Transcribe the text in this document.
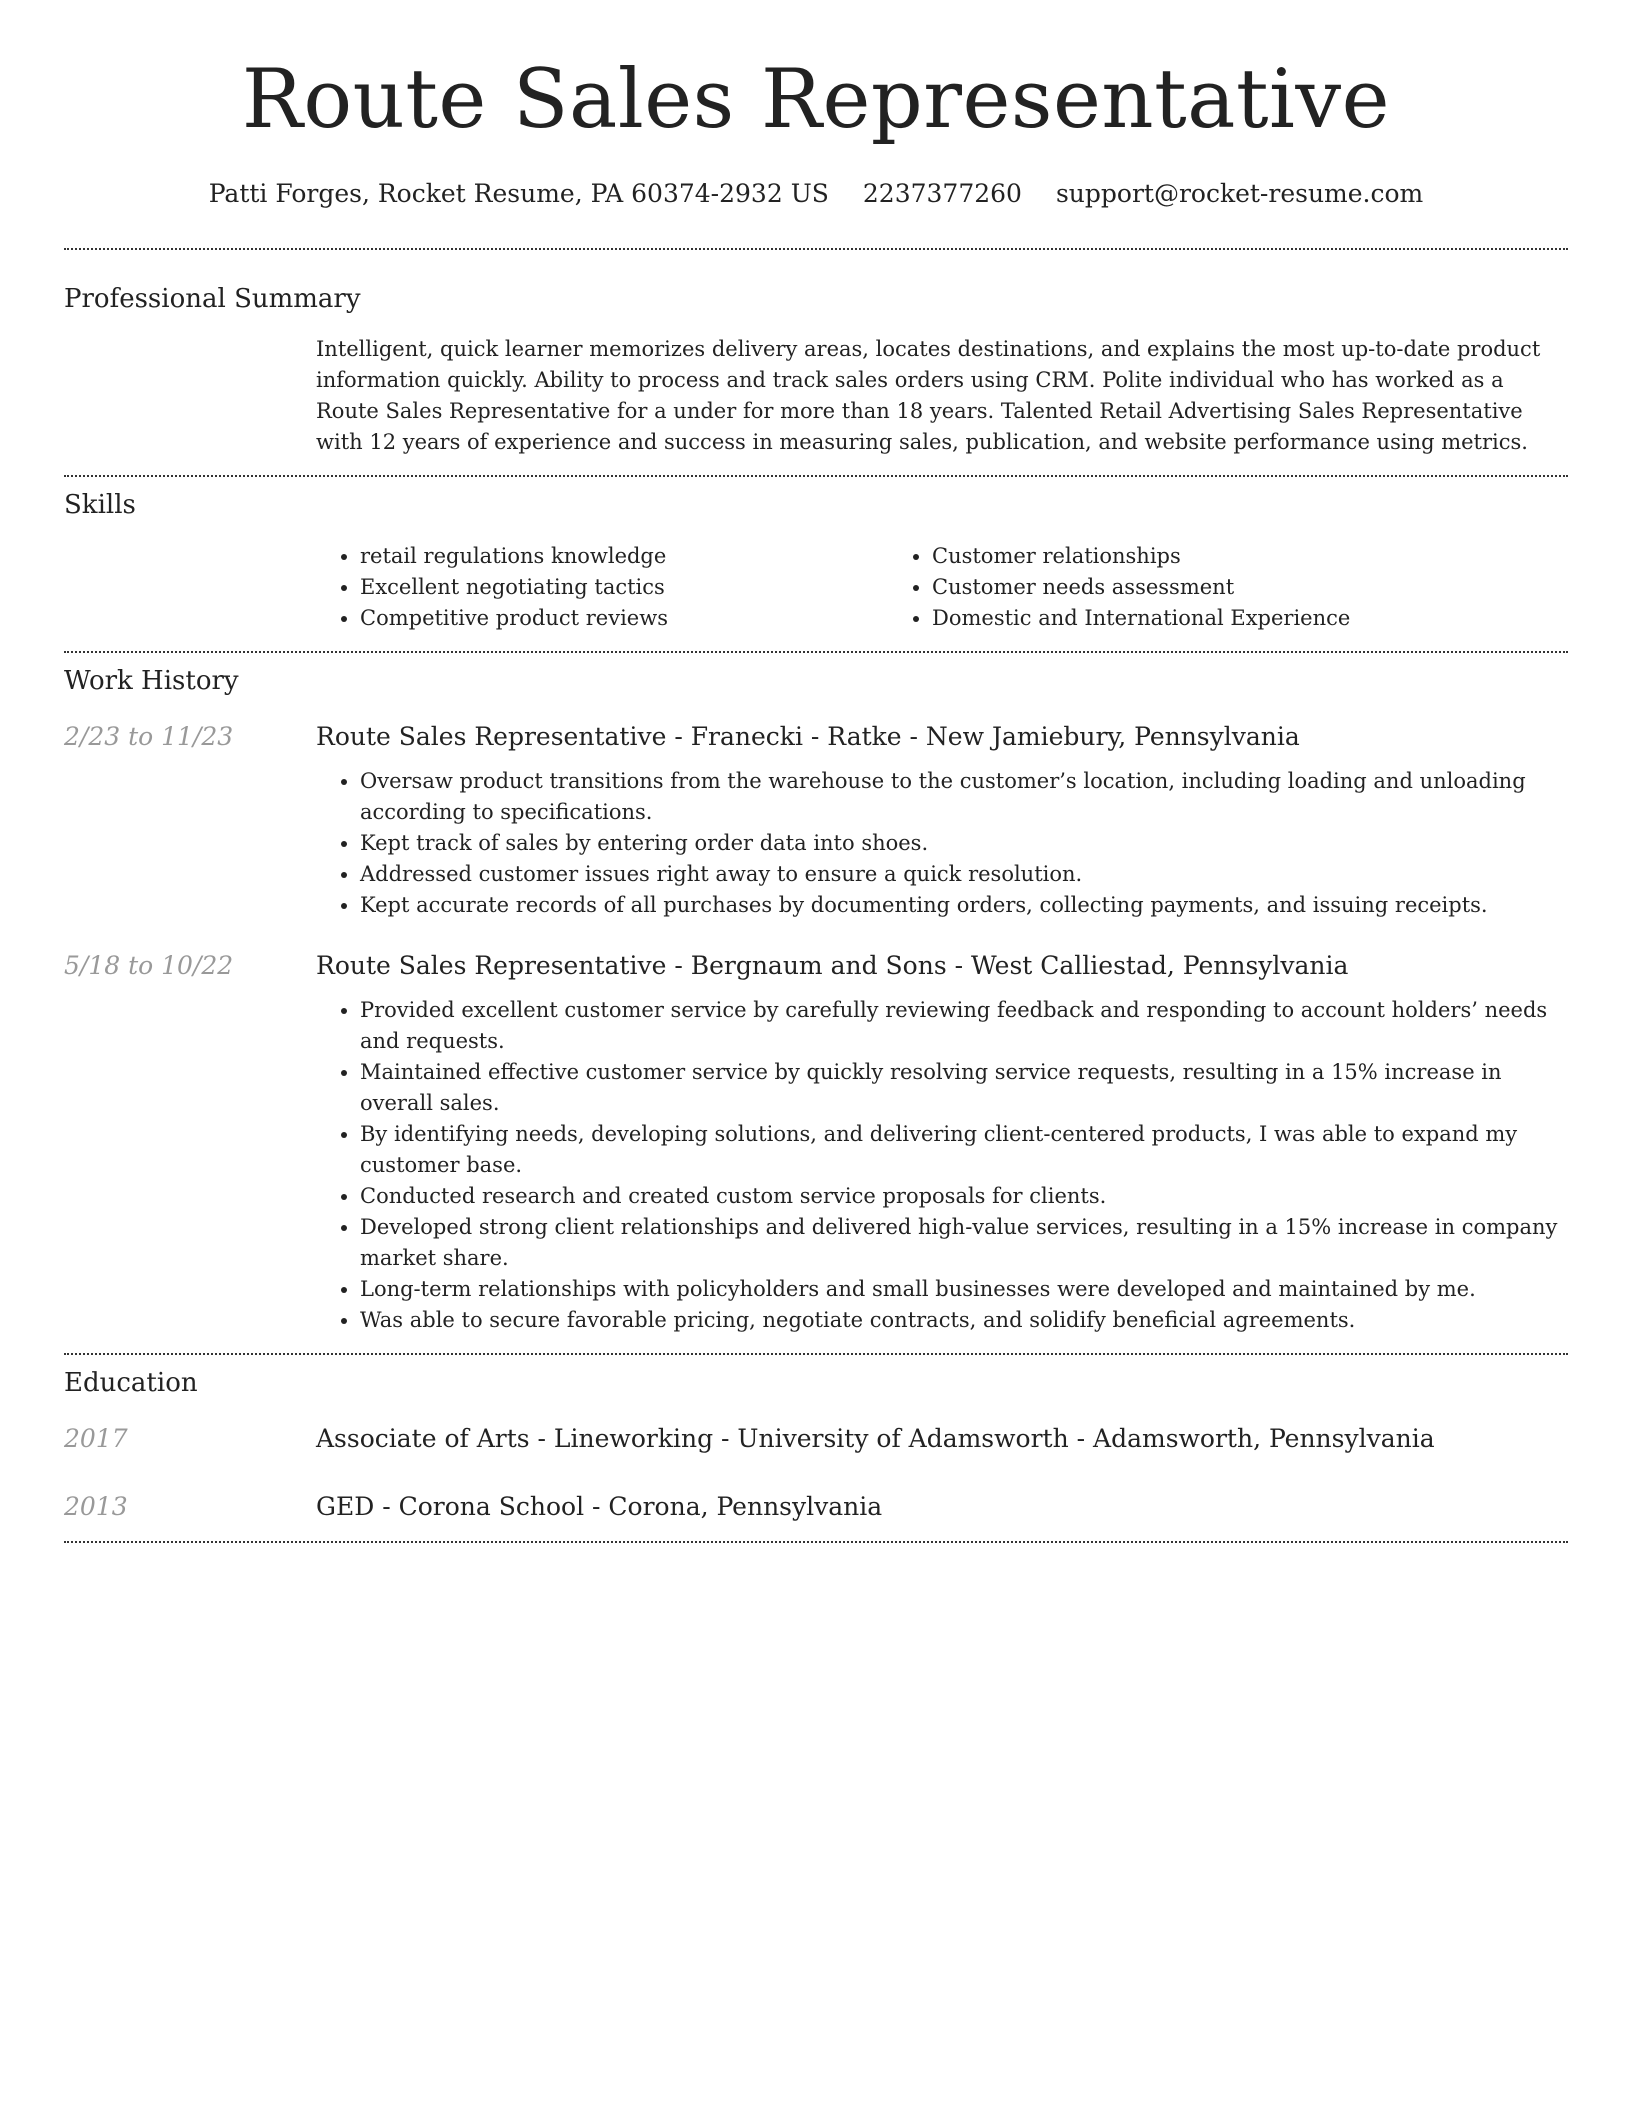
Route Sales Representative
Patti Forges, Rocket Resume, PA 60374-2932 US 2237377260 support@rocket-resume.com
Professional Summary

Intelligent, quick learner memorizes delivery areas, locates destinations, and explains the most up-to-date product information quickly. Ability to process and track sales orders using CRM. Polite individual who has worked as a Route Sales Representative for a under for more than 18 years. Talented Retail Advertising Sales Representative with 12 years of experience and success in measuring sales, publication, and website performance using metrics.

Skills
• retail regulations knowledge
• Excellent negotiating tactics
• Competitive product reviews
• Customer relationships
• Customer needs assessment
• Domestic and International Experience
Work History
2/23 to 11/23	Route Sales Representative - Franecki - Ratke - New Jamiebury, Pennsylvania
• Oversaw product transitions from the warehouse to the customer’s location, including loading and unloading according to specifications.
• Kept track of sales by entering order data into shoes.
• Addressed customer issues right away to ensure a quick resolution.
• Kept accurate records of all purchases by documenting orders, collecting payments, and issuing receipts.
5/18 to 10/22	Route Sales Representative - Bergnaum and Sons - West Calliestad, Pennsylvania
• Provided excellent customer service by carefully reviewing feedback and responding to account holders’ needs and requests.
• Maintained effective customer service by quickly resolving service requests, resulting in a 15% increase in overall sales.
• By identifying needs, developing solutions, and delivering client-centered products, I was able to expand my customer base.
• Conducted research and created custom service proposals for clients.
• Developed strong client relationships and delivered high-value services, resulting in a 15% increase in company market share.
• Long-term relationships with policyholders and small businesses were developed and maintained by me.
• Was able to secure favorable pricing, negotiate contracts, and solidify beneficial agreements.
Education
2017	Associate of Arts - Lineworking - University of Adamsworth - Adamsworth, Pennsylvania
2013	GED - Corona School - Corona, Pennsylvania
